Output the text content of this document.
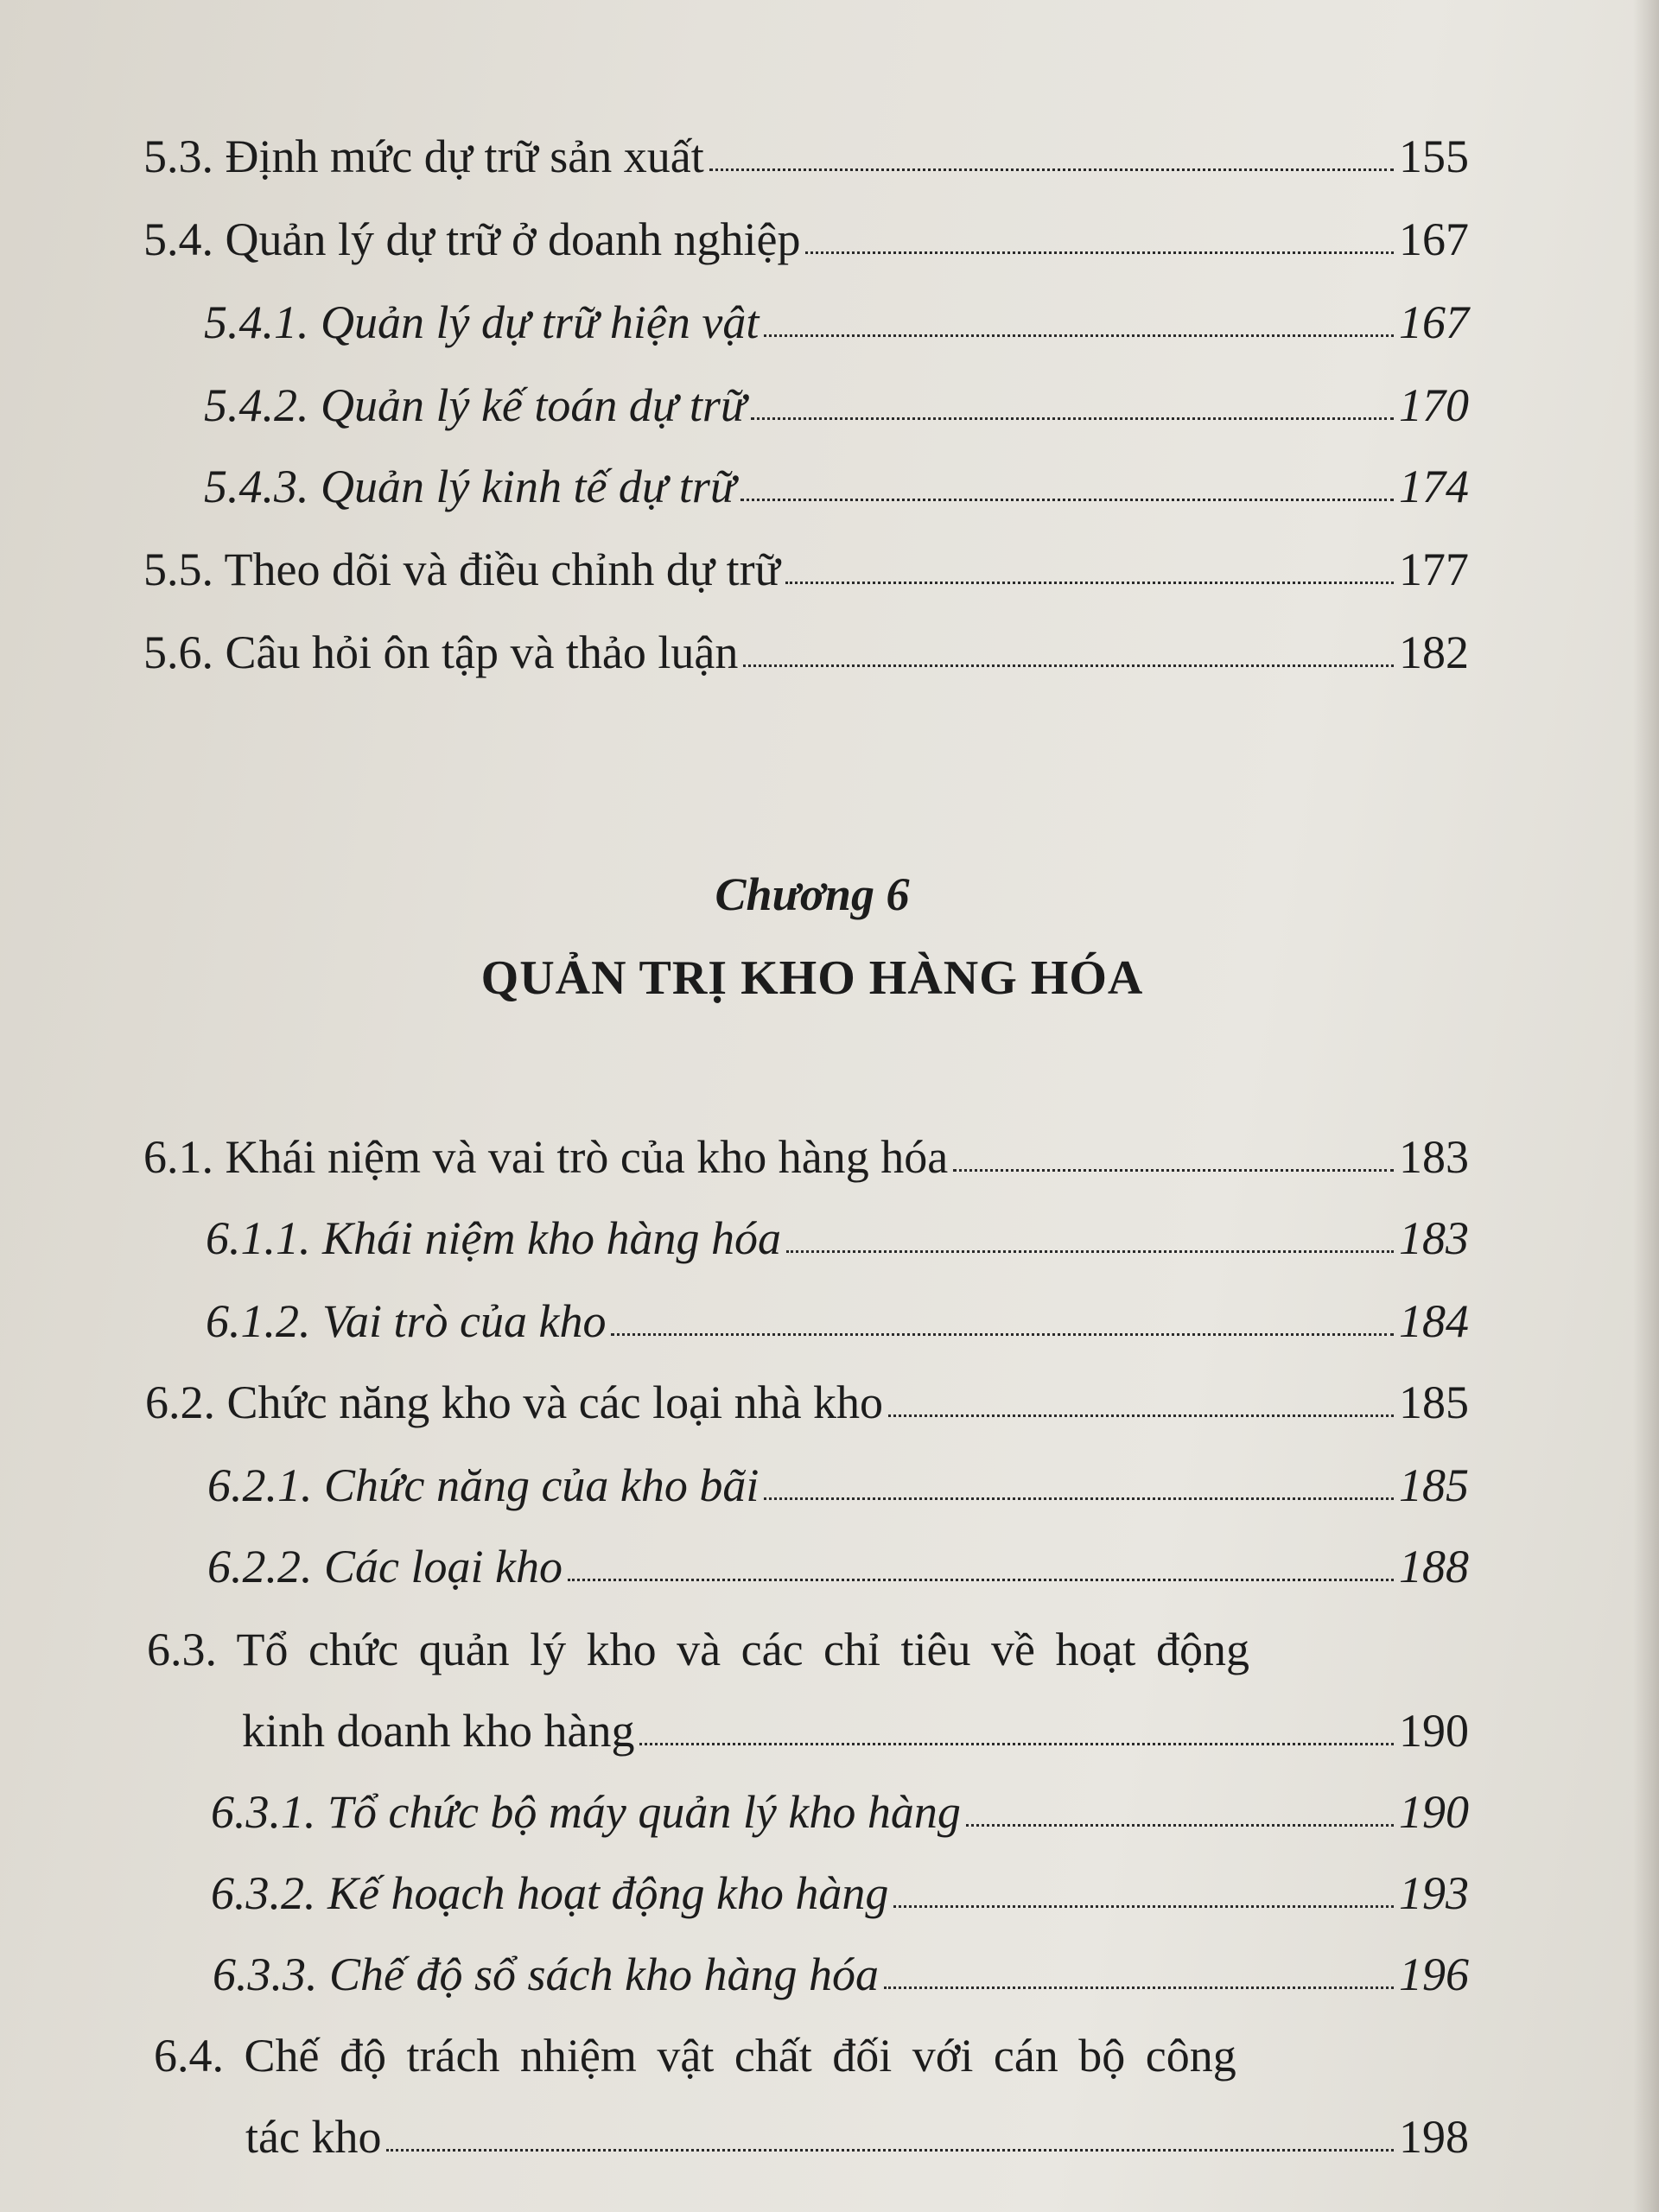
5.3. Định mức dự trữ sản xuất	155
5.4. Quản lý dự trữ ở doanh nghiệp	167
5.4.1. Quản lý dự trữ hiện vật	167
5.4.2. Quản lý kế toán dự trữ	170
5.4.3. Quản lý kinh tế dự trữ	174
5.5. Theo dõi và điều chỉnh dự trữ	177
5.6. Câu hỏi ôn tập và thảo luận	182
Chương 6
QUẢN TRỊ KHO HÀNG HÓA
6.1. Khái niệm và vai trò của kho hàng hóa	183
6.1.1. Khái niệm kho hàng hóa	183
6.1.2. Vai trò của kho	184
6.2. Chức năng kho và các loại nhà kho	185
6.2.1. Chức năng của kho bãi	185
6.2.2. Các loại kho	188
6.3. Tổ chức quản lý kho và các chỉ tiêu về hoạt động
kinh doanh kho hàng	190
6.3.1. Tổ chức bộ máy quản lý kho hàng	190
6.3.2. Kế hoạch hoạt động kho hàng	193
6.3.3. Chế độ sổ sách kho hàng hóa	196
6.4. Chế độ trách nhiệm vật chất đối với cán bộ công
tác kho	198
